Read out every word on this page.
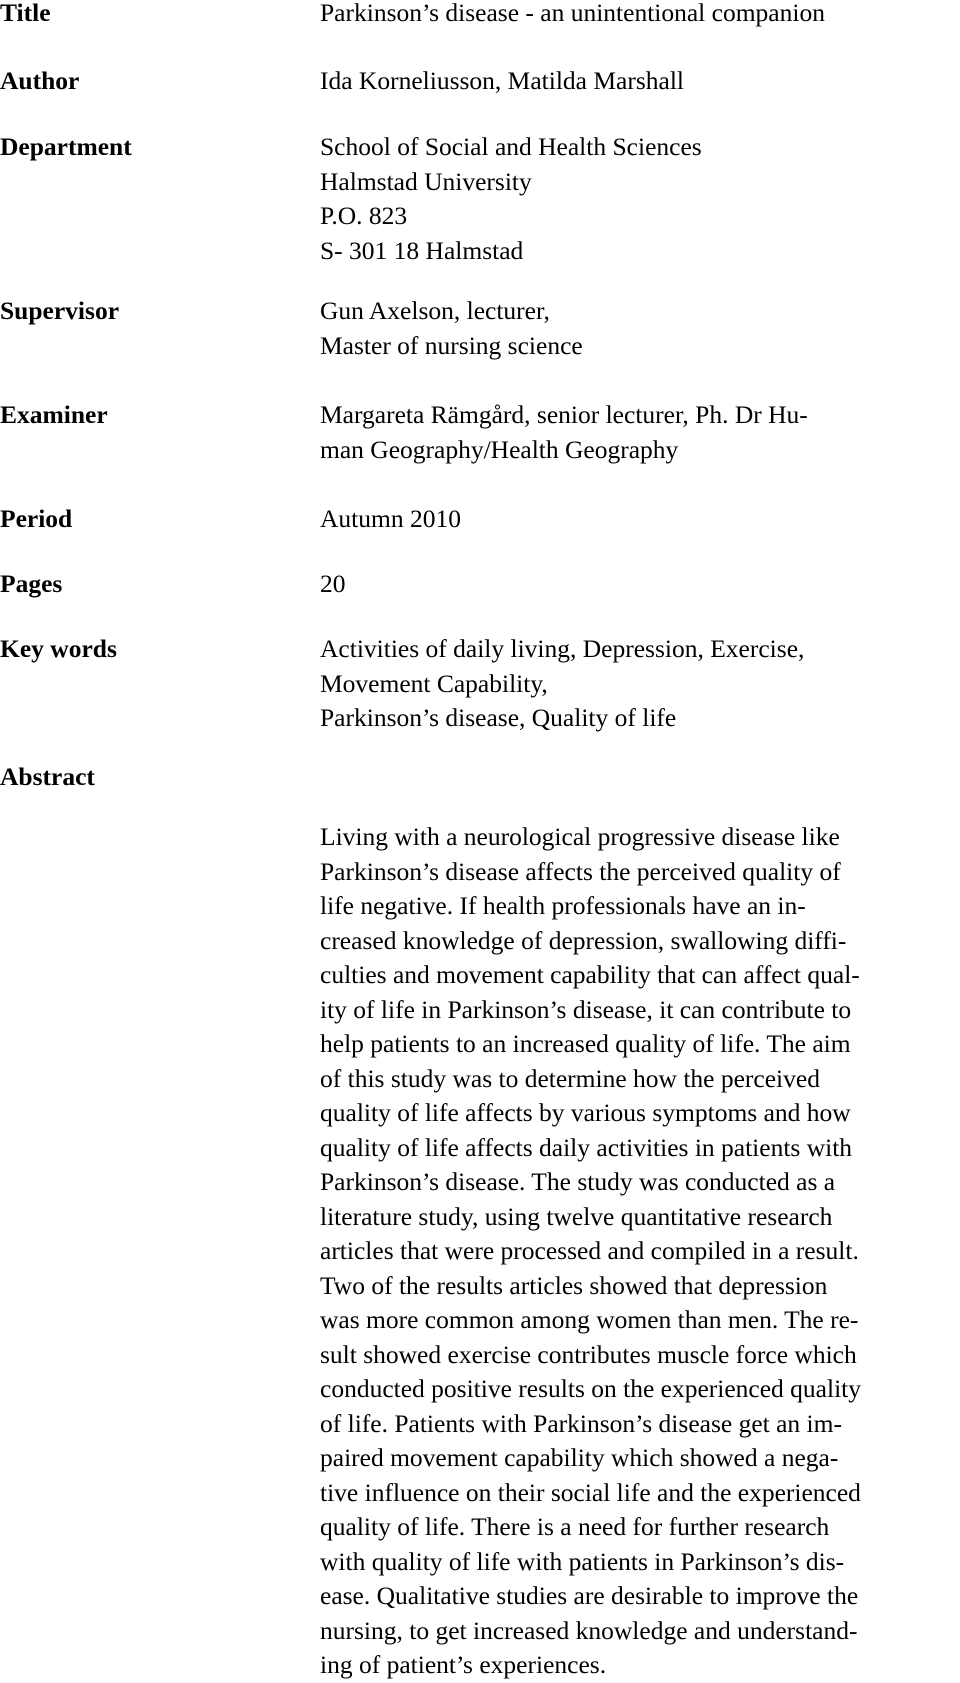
Title	Parkinson’s disease - an unintentional companion
Author	Ida Korneliusson, Matilda Marshall
Department	School of Social and Health Sciences
Halmstad University
P.O. 823
S- 301 18 Halmstad
Supervisor	Gun Axelson, lecturer,
Master of nursing science
Examiner	Margareta Rämgård, senior lecturer, Ph. Dr Hu-
man Geography/Health Geography
Period	Autumn 2010
Pages	20
Key words	Activities of daily living, Depression, Exercise,
Movement Capability,
Parkinson’s disease, Quality of life
Abstract
Living with a neurological progressive disease like
Parkinson’s disease affects the perceived quality of
life negative. If health professionals have an in-
creased knowledge of depression, swallowing diffi-
culties and movement capability that can affect qual-
ity of life in Parkinson’s disease, it can contribute to
help patients to an increased quality of life. The aim
of this study was to determine how the perceived
quality of life affects by various symptoms and how
quality of life affects daily activities in patients with
Parkinson’s disease. The study was conducted as a
literature study, using twelve quantitative research
articles that were processed and compiled in a result.
Two of the results articles showed that depression
was more common among women than men. The re-
sult showed exercise contributes muscle force which
conducted positive results on the experienced quality
of life. Patients with Parkinson’s disease get an im-
paired movement capability which showed a nega-
tive influence on their social life and the experienced
quality of life. There is a need for further research
with quality of life with patients in Parkinson’s dis-
ease. Qualitative studies are desirable to improve the
nursing, to get increased knowledge and understand-
ing of patient’s experiences.
